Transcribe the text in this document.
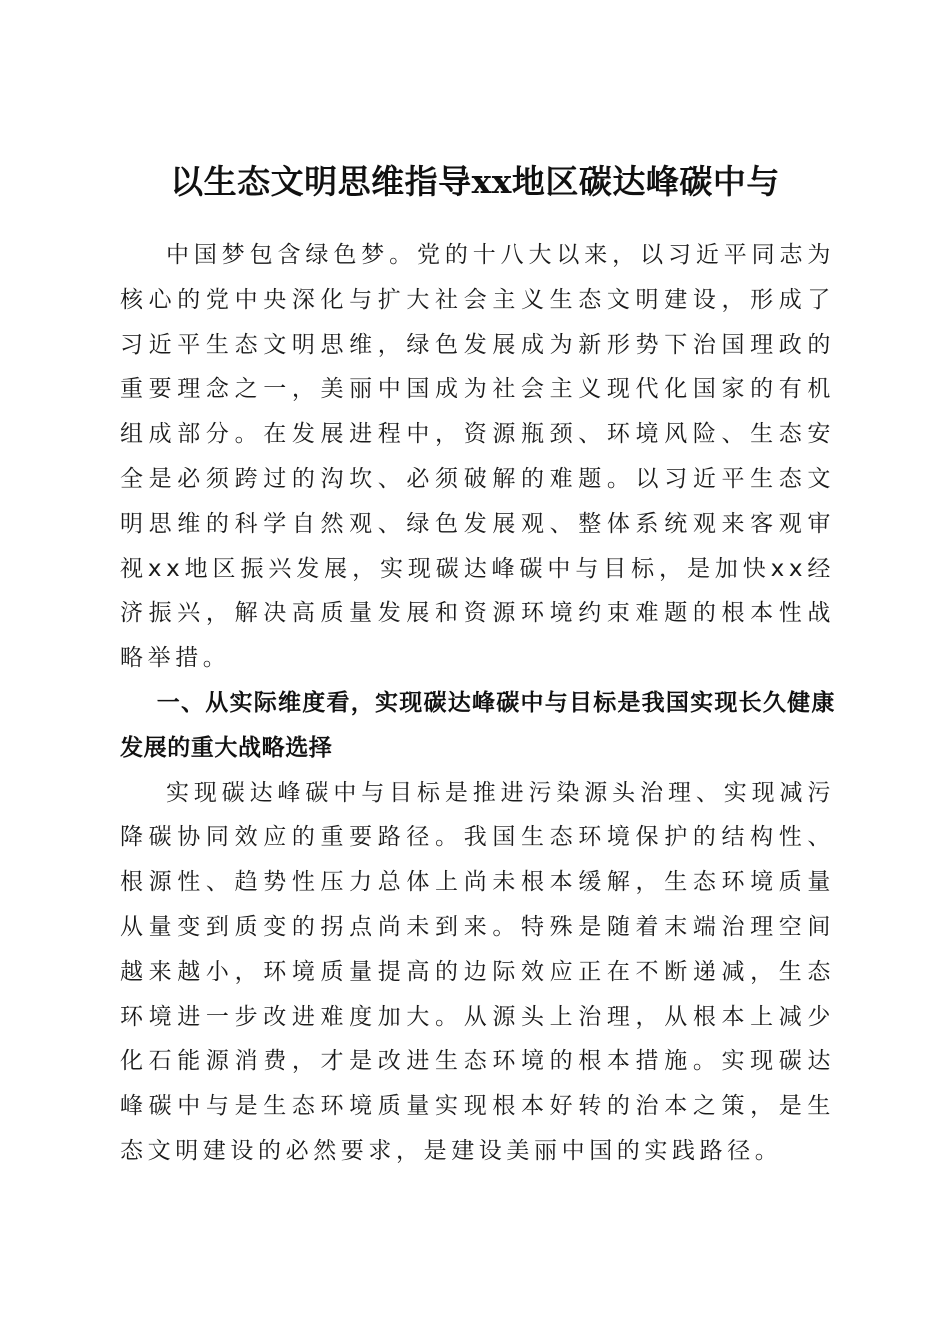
以生态文明思维指导xx地区碳达峰碳中与

中国梦包含绿色梦。党的十八大以来，以习近平同志为核心的党中央深化与扩大社会主义生态文明建设，形成了习近平生态文明思维，绿色发展成为新形势下治国理政的重要理念之一，美丽中国成为社会主义现代化国家的有机组成部分。在发展进程中，资源瓶颈、环境风险、生态安全是必须跨过的沟坎、必须破解的难题。以习近平生态文明思维的科学自然观、绿色发展观、整体系统观来客观审视xx地区振兴发展，实现碳达峰碳中与目标，是加快xx经济振兴，解决高质量发展和资源环境约束难题的根本性战略举措。

一、从实际维度看，实现碳达峰碳中与目标是我国实现长久健康发展的重大战略选择

实现碳达峰碳中与目标是推进污染源头治理、实现减污降碳协同效应的重要路径。我国生态环境保护的结构性、根源性、趋势性压力总体上尚未根本缓解，生态环境质量从量变到质变的拐点尚未到来。特殊是随着末端治理空间越来越小，环境质量提高的边际效应正在不断递减，生态环境进一步改进难度加大。从源头上治理，从根本上减少化石能源消费，才是改进生态环境的根本措施。实现碳达峰碳中与是生态环境质量实现根本好转的治本之策，是生态文明建设的必然要求，是建设美丽中国的实践路径。
